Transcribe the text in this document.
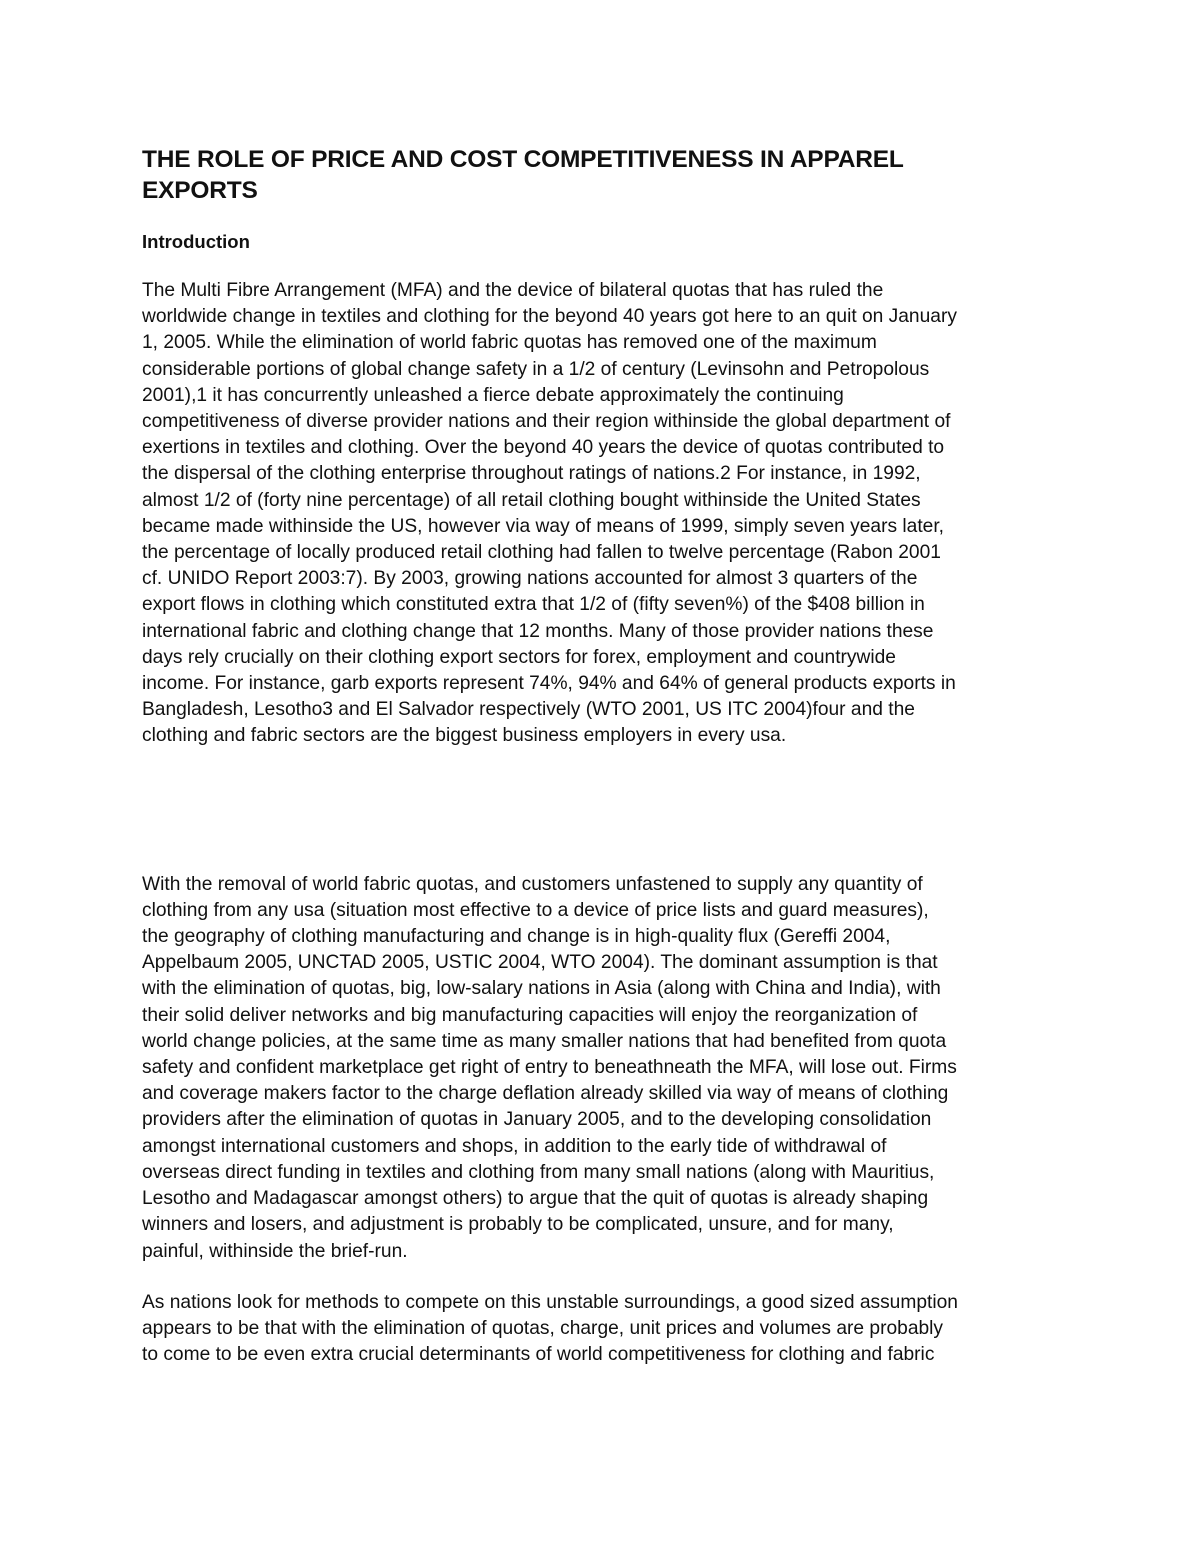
THE ROLE OF PRICE AND COST COMPETITIVENESS IN APPAREL
EXPORTS
Introduction

The Multi Fibre Arrangement (MFA) and the device of bilateral quotas that has ruled the
worldwide change in textiles and clothing for the beyond 40 years got here to an quit on January
1, 2005. While the elimination of world fabric quotas has removed one of the maximum
considerable portions of global change safety in a 1/2 of century (Levinsohn and Petropolous
2001),1 it has concurrently unleashed a fierce debate approximately the continuing
competitiveness of diverse provider nations and their region withinside the global department of
exertions in textiles and clothing. Over the beyond 40 years the device of quotas contributed to
the dispersal of the clothing enterprise throughout ratings of nations.2 For instance, in 1992,
almost 1/2 of (forty nine percentage) of all retail clothing bought withinside the United States
became made withinside the US, however via way of means of 1999, simply seven years later,
the percentage of locally produced retail clothing had fallen to twelve percentage (Rabon 2001
cf. UNIDO Report 2003:7). By 2003, growing nations accounted for almost 3 quarters of the
export flows in clothing which constituted extra that 1/2 of (fifty seven%) of the $408 billion in
international fabric and clothing change that 12 months. Many of those provider nations these
days rely crucially on their clothing export sectors for forex, employment and countrywide
income. For instance, garb exports represent 74%, 94% and 64% of general products exports in
Bangladesh, Lesotho3 and El Salvador respectively (WTO 2001, US ITC 2004)four and the
clothing and fabric sectors are the biggest business employers in every usa.

With the removal of world fabric quotas, and customers unfastened to supply any quantity of
clothing from any usa (situation most effective to a device of price lists and guard measures),
the geography of clothing manufacturing and change is in high-quality flux (Gereffi 2004,
Appelbaum 2005, UNCTAD 2005, USTIC 2004, WTO 2004). The dominant assumption is that
with the elimination of quotas, big, low-salary nations in Asia (along with China and India), with
their solid deliver networks and big manufacturing capacities will enjoy the reorganization of
world change policies, at the same time as many smaller nations that had benefited from quota
safety and confident marketplace get right of entry to beneathneath the MFA, will lose out. Firms
and coverage makers factor to the charge deflation already skilled via way of means of clothing
providers after the elimination of quotas in January 2005, and to the developing consolidation
amongst international customers and shops, in addition to the early tide of withdrawal of
overseas direct funding in textiles and clothing from many small nations (along with Mauritius,
Lesotho and Madagascar amongst others) to argue that the quit of quotas is already shaping
winners and losers, and adjustment is probably to be complicated, unsure, and for many,
painful, withinside the brief-run.

As nations look for methods to compete on this unstable surroundings, a good sized assumption
appears to be that with the elimination of quotas, charge, unit prices and volumes are probably
to come to be even extra crucial determinants of world competitiveness for clothing and fabric
